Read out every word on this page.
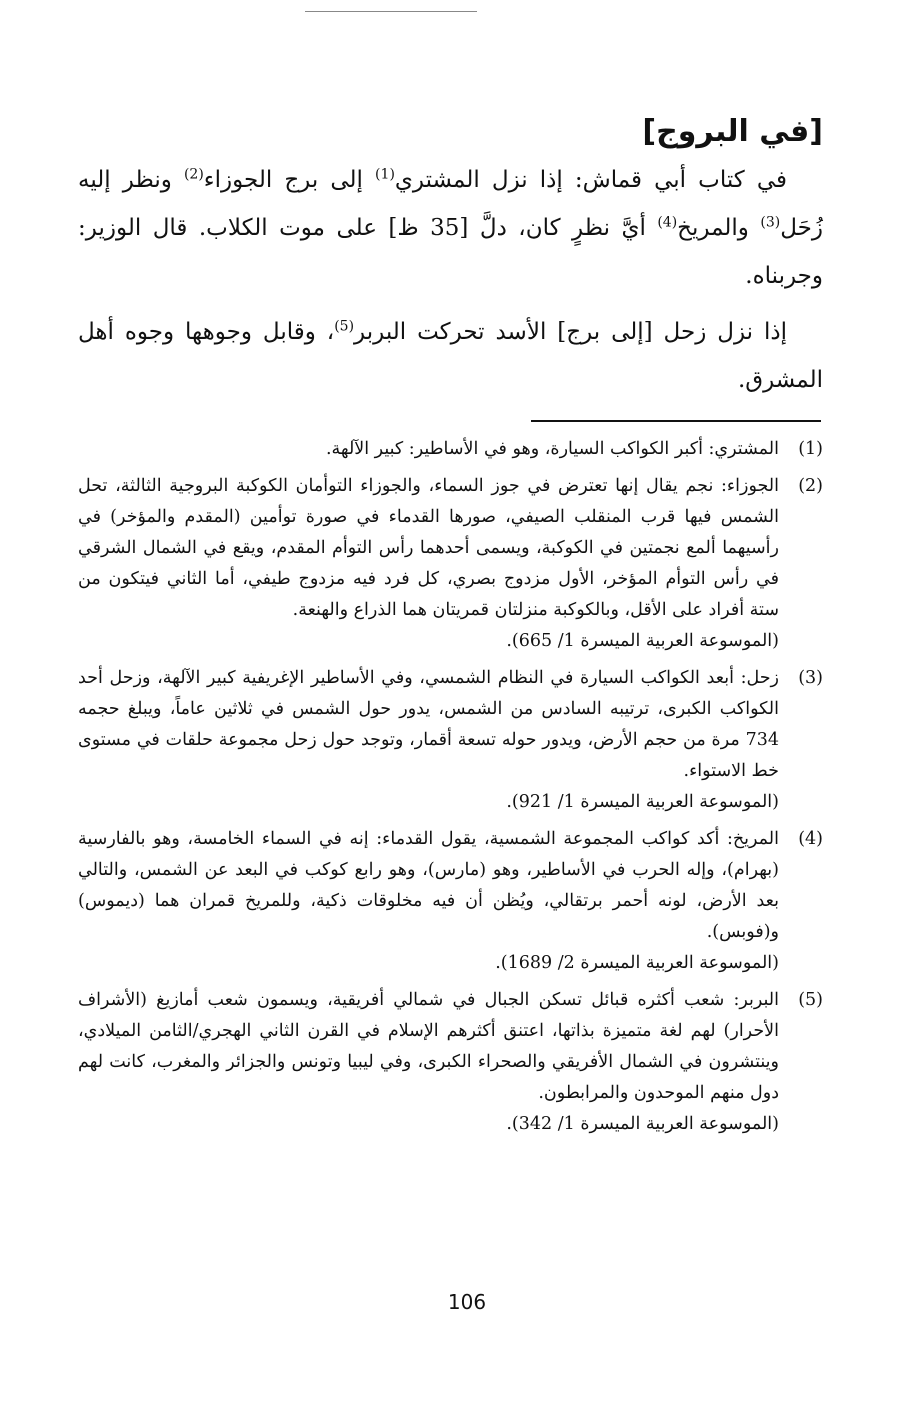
[في البروج]

في كتاب أبي قماش: إذا نزل المشتري$^{(1)}$ إلى برج الجوزاء$^{(2)}$ ونظر إليه زُحَل$^{(3)}$ والمريخ$^{(4)}$ أيَّ نظرٍ كان، دلَّ [35 ظ] على موت الكلاب. قال الوزير: وجربناه.

إذا نزل زحل [إلى برج] الأسد تحركت البربر$^{(5)}$، وقابل وجوهها وجوه أهل المشرق.

(1)
المشتري: أكبر الكواكب السيارة، وهو في الأساطير: كبير الآلهة.
(2)
الجوزاء: نجم يقال إنها تعترض في جوز السماء، والجوزاء التوأمان الكوكبة البروجية الثالثة، تحل الشمس فيها قرب المنقلب الصيفي، صورها القدماء في صورة توأمين (المقدم والمؤخر) في رأسيهما ألمع نجمتين في الكوكبة، ويسمى أحدهما رأس التوأم المقدم، ويقع في الشمال الشرقي في رأس التوأم المؤخر، الأول مزدوج بصري، كل فرد فيه مزدوج طيفي، أما الثاني فيتكون من ستة أفراد على الأقل، وبالكوكبة منزلتان قمريتان هما الذراع والهنعة.
(الموسوعة العربية الميسرة 1/ 665).
(3)
زحل: أبعد الكواكب السيارة في النظام الشمسي، وفي الأساطير الإغريفية كبير الآلهة، وزحل أحد الكواكب الكبرى، ترتيبه السادس من الشمس، يدور حول الشمس في ثلاثين عاماً، ويبلغ حجمه 734 مرة من حجم الأرض، ويدور حوله تسعة أقمار، وتوجد حول زحل مجموعة حلقات في مستوى خط الاستواء.
(الموسوعة العربية الميسرة 1/ 921).
(4)
المريخ: أكد كواكب المجموعة الشمسية، يقول القدماء: إنه في السماء الخامسة، وهو بالفارسية (بهرام)، وإله الحرب في الأساطير، وهو (مارس)، وهو رابع كوكب في البعد عن الشمس، والتالي بعد الأرض، لونه أحمر برتقالي، ويُظن أن فيه مخلوقات ذكية، وللمريخ قمران هما (ديموس) و(فوبس).
(الموسوعة العربية الميسرة 2/ 1689).
(5)
البربر: شعب أكثره قبائل تسكن الجبال في شمالي أفريقية، ويسمون شعب أمازيغ (الأشراف الأحرار) لهم لغة متميزة بذاتها، اعتنق أكثرهم الإسلام في القرن الثاني الهجري/الثامن الميلادي، وينتشرون في الشمال الأفريقي والصحراء الكبرى، وفي ليبيا وتونس والجزائر والمغرب، كانت لهم دول منهم الموحدون والمرابطون.
(الموسوعة العربية الميسرة 1/ 342).
106
